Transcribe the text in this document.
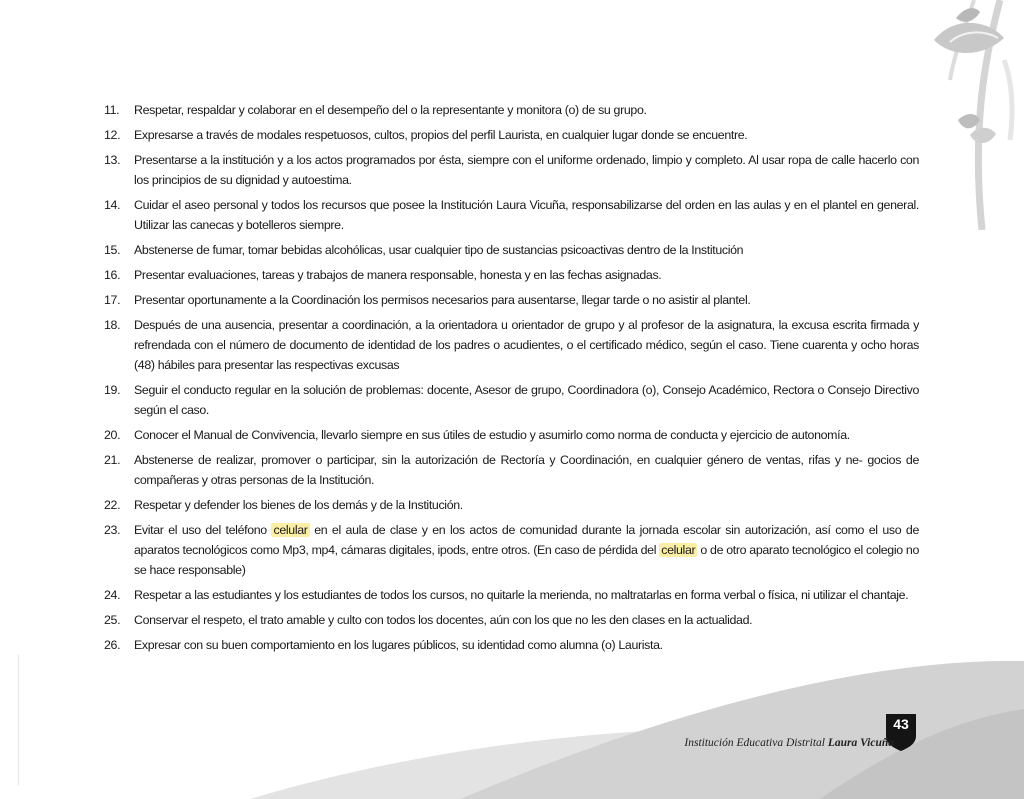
11.	Respetar, respaldar y colaborar en el desempeño del o la representante y monitora (o) de su grupo.
12.	Expresarse a través de modales respetuosos, cultos, propios del perfil Laurista, en cualquier lugar donde se encuentre.
13.	Presentarse a la institución y a los actos programados por ésta, siempre con el uniforme ordenado, limpio y completo. Al usar ropa de calle hacerlo con los principios de su dignidad y autoestima.
14.	Cuidar el aseo personal y todos los recursos que posee la Institución Laura Vicuña, responsabilizarse del orden en las aulas y en el plantel en general. Utilizar las canecas y botelleros siempre.
15.	Abstenerse de fumar, tomar bebidas alcohólicas, usar cualquier tipo de sustancias psicoactivas dentro de la Institución
16.	Presentar evaluaciones, tareas y trabajos de manera responsable, honesta y en las fechas asignadas.
17.	Presentar oportunamente a la Coordinación los permisos necesarios para ausentarse, llegar tarde o no asistir al plantel.
18.	Después de una ausencia, presentar a coordinación, a la orientadora u orientador de grupo y al profesor de la asignatura, la excusa escrita firmada y refrendada con el número de documento de identidad de los padres o acudientes, o el certificado médico, según el caso. Tiene cuarenta y ocho horas (48) hábiles para presentar las respectivas excusas
19.	Seguir el conducto regular en la solución de problemas: docente, Asesor de grupo, Coordinadora (o), Consejo Académico, Rectora o Consejo Directivo según el caso.
20.	Conocer el Manual de Convivencia, llevarlo siempre en sus útiles de estudio y asumirlo como norma de conducta y ejercicio de autonomía.
21.	Abstenerse de realizar, promover o participar, sin la autorización de Rectoría y Coordinación, en cualquier género de ventas, rifas y ne- gocios de compañeras y otras personas de la Institución.
22.	Respetar y defender los bienes de los demás y de la Institución.
23.	Evitar el uso del teléfono celular en el aula de clase y en los actos de comunidad durante la jornada escolar sin autorización, así como el uso de aparatos tecnológicos como Mp3, mp4, cámaras digitales, ipods, entre otros. (En caso de pérdida del celular o de otro aparato tecnológico el colegio no se hace responsable)
24.	Respetar a las estudiantes y los estudiantes de todos los cursos, no quitarle la merienda, no maltratarlas en forma verbal o física, ni utilizar el chantaje.
25.	Conservar el respeto, el trato amable y culto con todos los docentes, aún con los que no les den clases en la actualidad.
26.	Expresar con su buen comportamiento en los lugares públicos, su identidad como alumna (o) Laurista.
43
Institución Educativa Distrital Laura Vicuña
